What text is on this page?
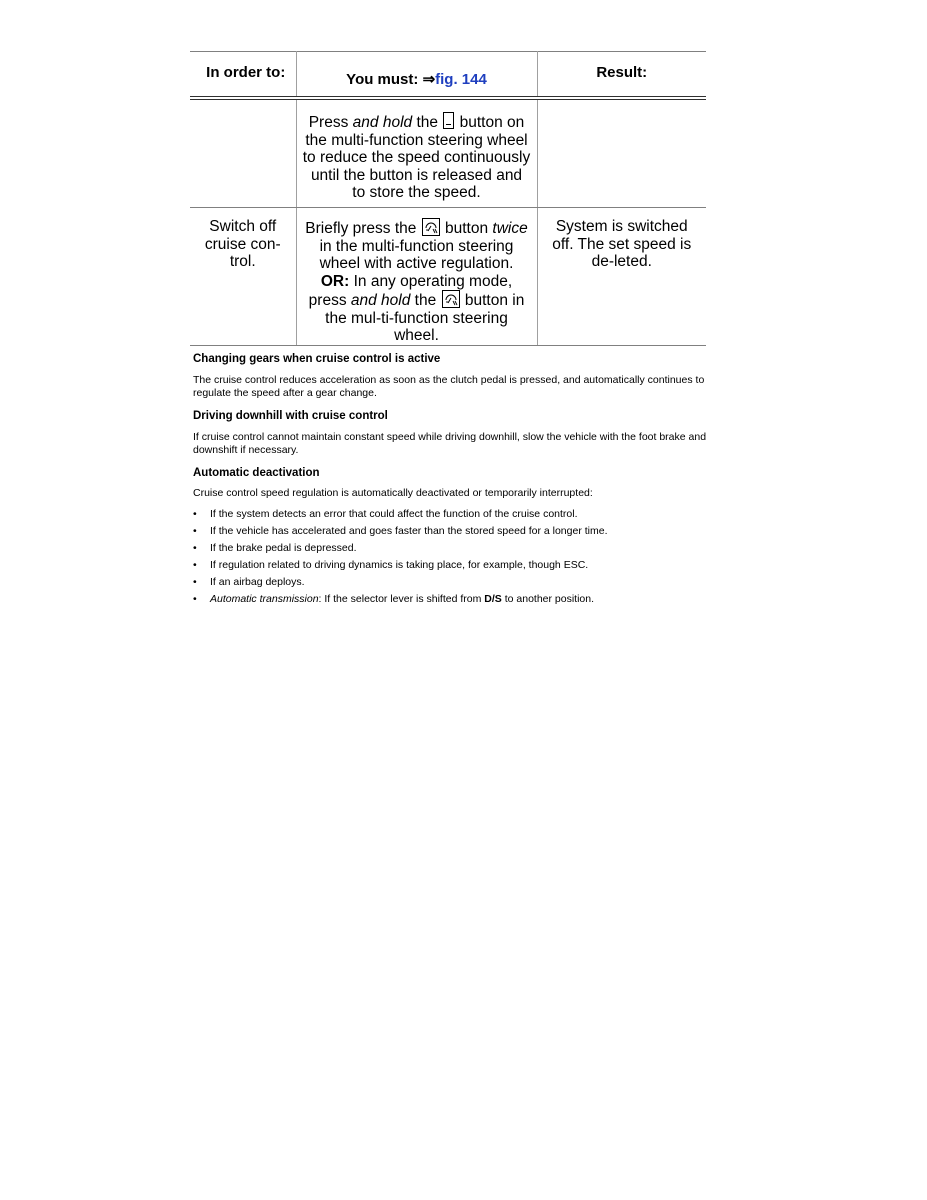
In order to:	You must: ⇒fig. 144	Result:

	Press and hold the  button on the multi-function steering wheel to reduce the speed continuously until the button is released and to store the speed.	

Switch off cruise con-trol.	Briefly press the
button twice in the multi-function steering wheel with active regulation.
OR: In any operating mode, press and hold the
button in the mul-ti-function steering wheel.	System is switched off. The set speed is de-leted.
Changing gears when cruise control is active

The cruise control reduces acceleration as soon as the clutch pedal is pressed, and automatically continues to regulate the speed after a gear change.

Driving downhill with cruise control

If cruise control cannot maintain constant speed while driving downhill, slow the vehicle with the foot brake and downshift if necessary.

Automatic deactivation

Cruise control speed regulation is automatically deactivated or temporarily interrupted:

• If the system detects an error that could affect the function of the cruise control.
• If the vehicle has accelerated and goes faster than the stored speed for a longer time.
• If the brake pedal is depressed.
• If regulation related to driving dynamics is taking place, for example, though ESC.
• If an airbag deploys.
• Automatic transmission: If the selector lever is shifted from D/S to another position.
